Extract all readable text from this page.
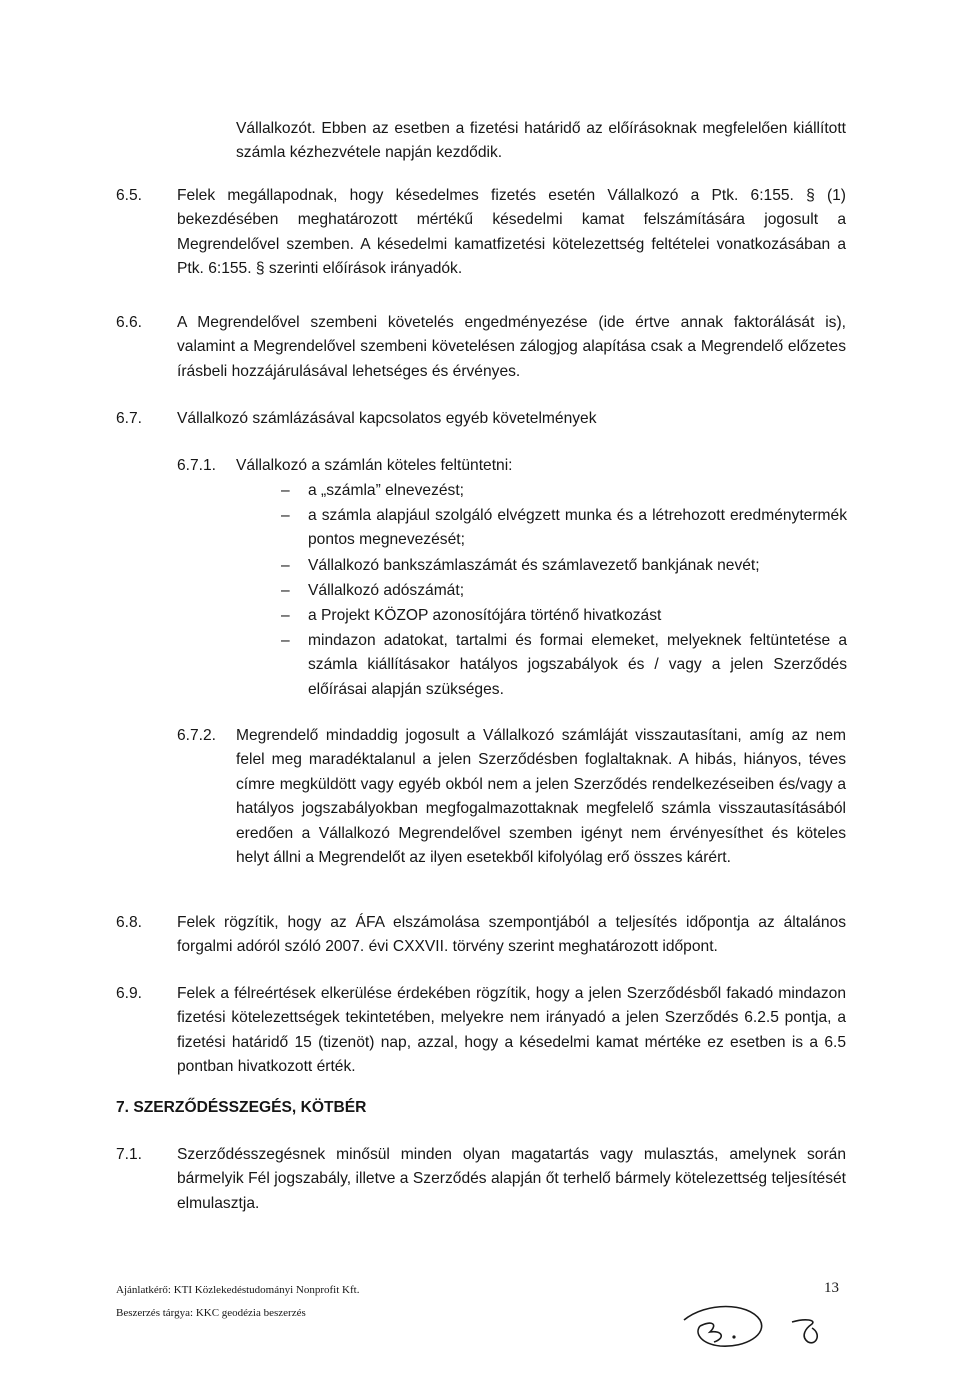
Vállalkozót. Ebben az esetben a fizetési határidő az előírásoknak megfelelően kiállított számla kézhezvétele napján kezdődik.
6.5. Felek megállapodnak, hogy késedelmes fizetés esetén Vállalkozó a Ptk. 6:155. § (1) bekezdésében meghatározott mértékű késedelmi kamat felszámítására jogosult a Megrendelővel szemben. A késedelmi kamatfizetési kötelezettség feltételei vonatkozásában a Ptk. 6:155. § szerinti előírások irányadók.
6.6. A Megrendelővel szembeni követelés engedményezése (ide értve annak faktorálását is), valamint a Megrendelővel szembeni követelésen zálogjog alapítása csak a Megrendelő előzetes írásbeli hozzájárulásával lehetséges és érvényes.
6.7. Vállalkozó számlázásával kapcsolatos egyéb követelmények
6.7.1. Vállalkozó a számlán köteles feltüntetni:
– a „számla” elnevezést;
– a számla alapjául szolgáló elvégzett munka és a létrehozott eredménytermék pontos megnevezését;
– Vállalkozó bankszámlaszámát és számlavezető bankjának nevét;
– Vállalkozó adószámát;
– a Projekt KÖZOP azonosítójára történő hivatkozást
– mindazon adatokat, tartalmi és formai elemeket, melyeknek feltüntetése a számla kiállításakor hatályos jogszabályok és / vagy a jelen Szerződés előírásai alapján szükséges.
6.7.2. Megrendelő mindaddig jogosult a Vállalkozó számláját visszautasítani, amíg az nem felel meg maradéktalanul a jelen Szerződésben foglaltaknak. A hibás, hiányos, téves címre megküldött vagy egyéb okból nem a jelen Szerződés rendelkezéseiben és/vagy a hatályos jogszabályokban megfogalmazottaknak megfelelő számla visszautasításából eredően a Vállalkozó Megrendelővel szemben igényt nem érvényesíthet és köteles helyt állni a Megrendelőt az ilyen esetekből kifolyólag erő összes kárért.
6.8. Felek rögzítik, hogy az ÁFA elszámolása szempontjából a teljesítés időpontja az általános forgalmi adóról szóló 2007. évi CXXVII. törvény szerint meghatározott időpont.
6.9. Felek a félreértések elkerülése érdekében rögzítik, hogy a jelen Szerződésből fakadó mindazon fizetési kötelezettségek tekintetében, melyekre nem irányadó a jelen Szerződés 6.2.5 pontja, a fizetési határidő 15 (tizenöt) nap, azzal, hogy a késedelmi kamat mértéke ez esetben is a 6.5 pontban hivatkozott érték.
7. SZERZŐDÉSSZEGÉS, KÖTBÉR
7.1. Szerződésszegésnek minősül minden olyan magatartás vagy mulasztás, amelynek során bármelyik Fél jogszabály, illetve a Szerződés alapján őt terhelő bármely kötelezettség teljesítését elmulasztja.
Ajánlatkérő: KTI Közlekedéstudományi Nonprofit Kft.
Beszerzés tárgya: KKC geodézia beszerzés
13
